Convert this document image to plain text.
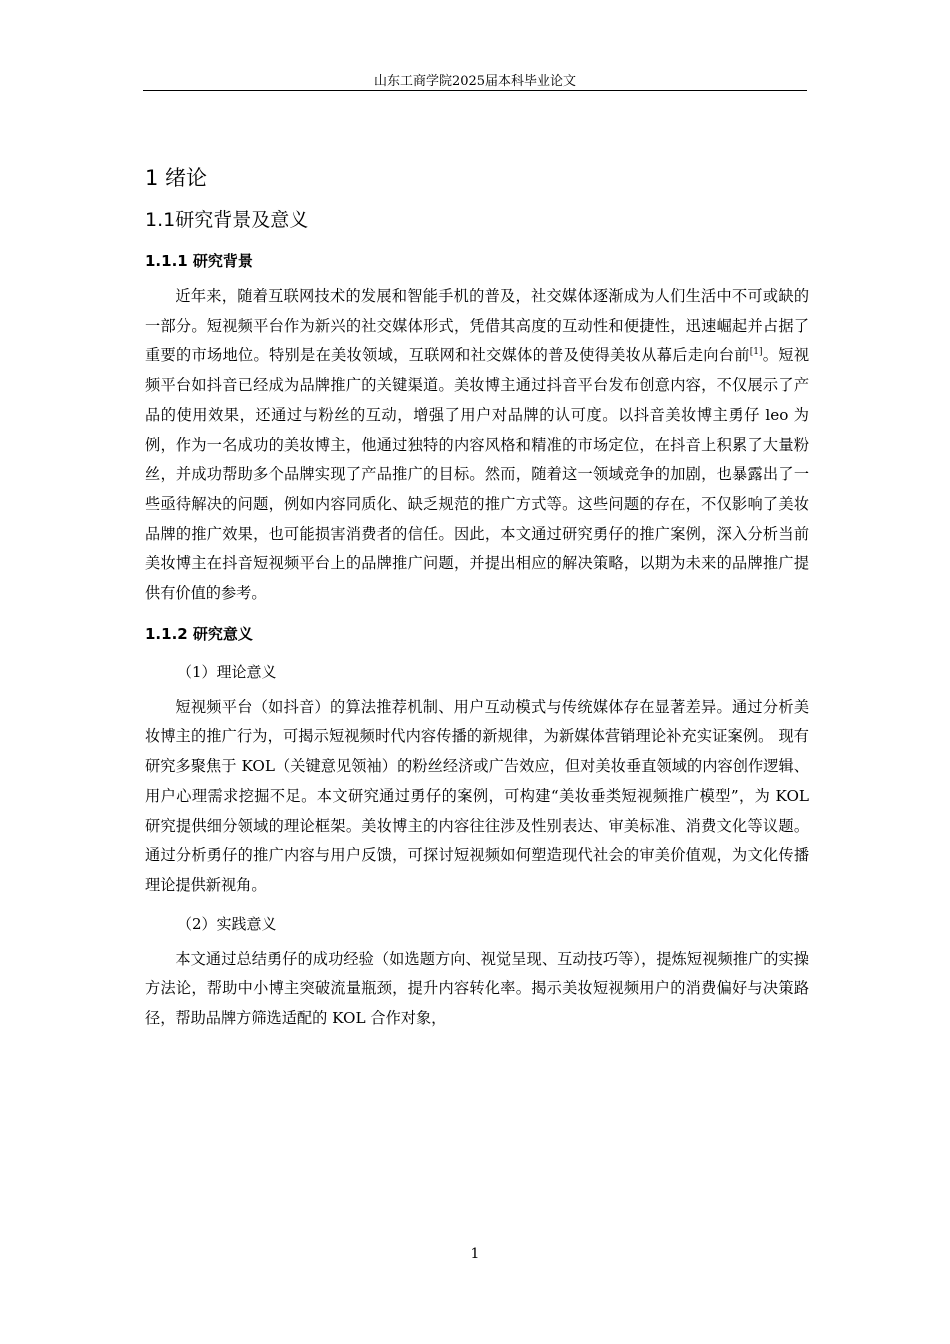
山东工商学院2025届本科毕业论文
1 绪论
1.1研究背景及意义
1.1.1 研究背景

近年来，随着互联网技术的发展和智能手机的普及，社交媒体逐渐成为人们生活中不可或缺的一部分。短视频平台作为新兴的社交媒体形式，凭借其高度的互动性和便捷性，迅速崛起并占据了重要的市场地位。特别是在美妆领域，互联网和社交媒体的普及使得美妆从幕后走向台前[1]。短视频平台如抖音已经成为品牌推广的关键渠道。美妆博主通过抖音平台发布创意内容，不仅展示了产品的使用效果，还通过与粉丝的互动，增强了用户对品牌的认可度。以抖音美妆博主勇仔 leo 为例，作为一名成功的美妆博主，他通过独特的内容风格和精准的市场定位，在抖音上积累了大量粉丝，并成功帮助多个品牌实现了产品推广的目标。然而，随着这一领域竞争的加剧，也暴露出了一些亟待解决的问题，例如内容同质化、缺乏规范的推广方式等。这些问题的存在，不仅影响了美妆品牌的推广效果，也可能损害消费者的信任。因此，本文通过研究勇仔的推广案例，深入分析当前美妆博主在抖音短视频平台上的品牌推广问题，并提出相应的解决策略，以期为未来的品牌推广提供有价值的参考。

1.1.2 研究意义
（1）理论意义

短视频平台（如抖音）的算法推荐机制、用户互动模式与传统媒体存在显著差异。通过分析美妆博主的推广行为，可揭示短视频时代内容传播的新规律，为新媒体营销理论补充实证案例。 现有研究多聚焦于 KOL（关键意见领袖）的粉丝经济或广告效应，但对美妆垂直领域的内容创作逻辑、用户心理需求挖掘不足。本文研究通过勇仔的案例，可构建“美妆垂类短视频推广模型”，为 KOL 研究提供细分领域的理论框架。美妆博主的内容往往涉及性别表达、审美标准、消费文化等议题。通过分析勇仔的推广内容与用户反馈，可探讨短视频如何塑造现代社会的审美价值观，为文化传播理论提供新视角。

（2）实践意义

本文通过总结勇仔的成功经验（如选题方向、视觉呈现、互动技巧等），提炼短视频推广的实操方法论，帮助中小博主突破流量瓶颈，提升内容转化率。揭示美妆短视频用户的消费偏好与决策路径，帮助品牌方筛选适配的 KOL 合作对象，

1
